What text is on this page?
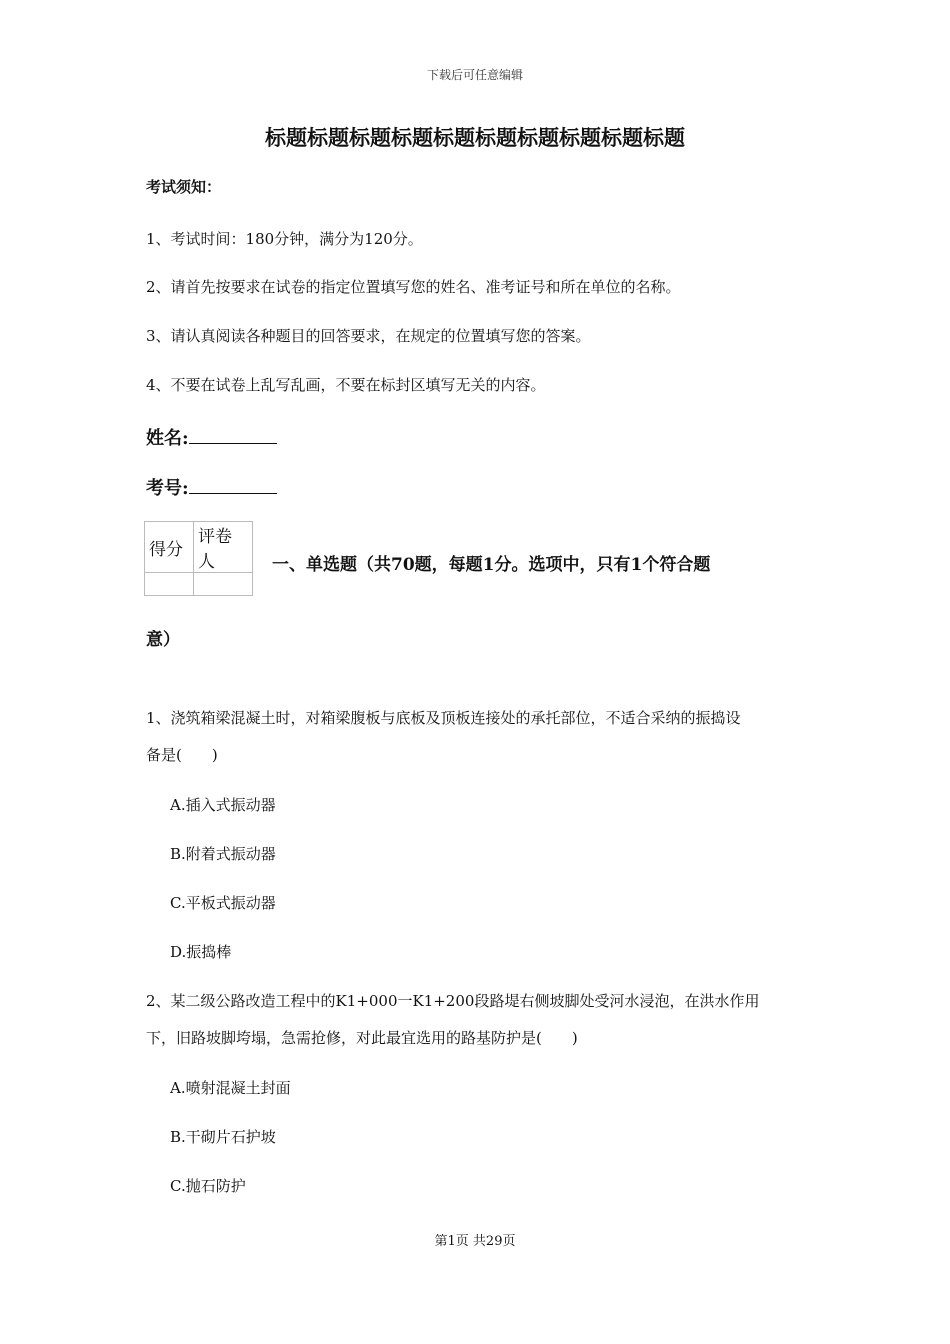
下载后可任意编辑
标题标题标题标题标题标题标题标题标题标题
考试须知：
1、考试时间：180分钟，满分为120分。
2、请首先按要求在试卷的指定位置填写您的姓名、准考证号和所在单位的名称。
3、请认真阅读各种题目的回答要求，在规定的位置填写您的答案。
4、不要在试卷上乱写乱画，不要在标封区填写无关的内容。
姓名:
考号:
得分	评卷人
		一、单选题（共70题，每题1分。选项中，只有1个符合题
意）
1、浇筑箱梁混凝土时，对箱梁腹板与底板及顶板连接处的承托部位，不适合采纳的振捣设
备是(　　)
A.插入式振动器
B.附着式振动器
C.平板式振动器
D.振捣棒
2、某二级公路改造工程中的K1+000一K1+200段路堤右侧坡脚处受河水浸泡，在洪水作用
下，旧路坡脚垮塌，急需抢修，对此最宜选用的路基防护是(　　)
A.喷射混凝土封面
B.干砌片石护坡
C.抛石防护
第1页 共29页
